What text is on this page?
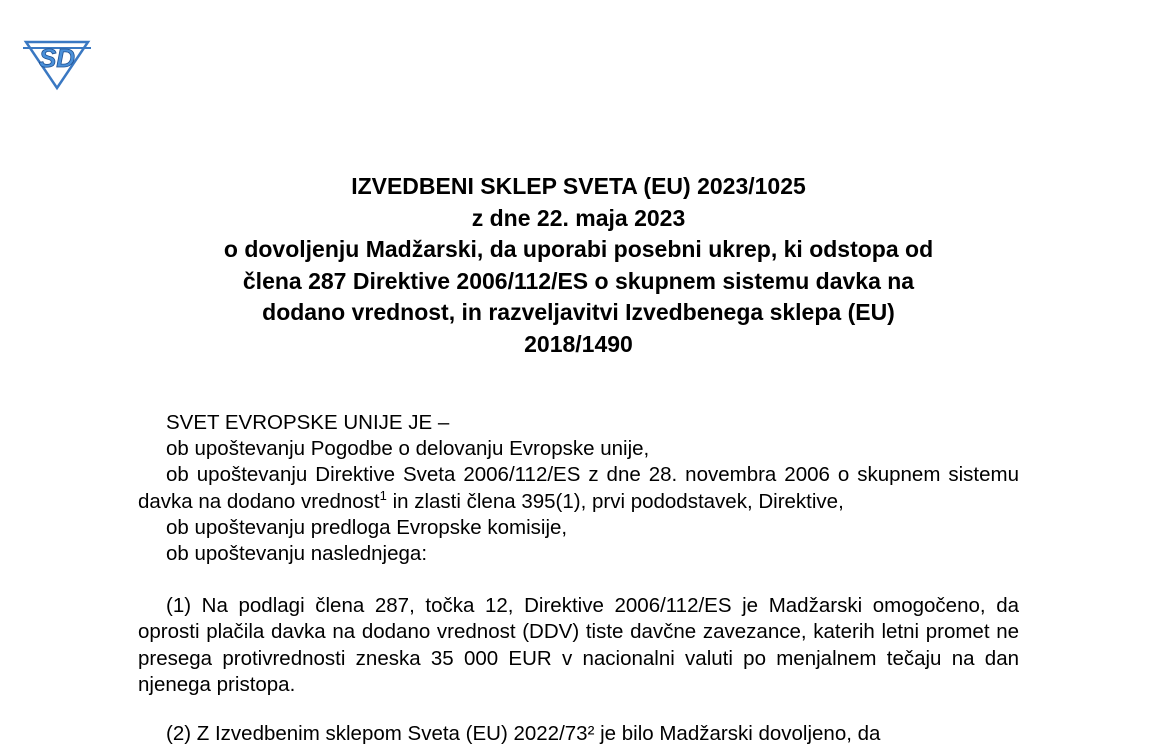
SD
IZVEDBENI SKLEP SVETA (EU) 2023/1025
z dne 22. maja 2023
o dovoljenju Madžarski, da uporabi posebni ukrep, ki odstopa od
člena 287 Direktive 2006/112/ES o skupnem sistemu davka na
dodano vrednost, in razveljavitvi Izvedbenega sklepa (EU)
2018/1490

SVET EVROPSKE UNIJE JE –

ob upoštevanju Pogodbe o delovanju Evropske unije,

ob upoštevanju Direktive Sveta 2006/112/ES z dne 28. novembra 2006 o skupnem sistemu davka na dodano vrednost$^1$ in zlasti člena 395(1), prvi pododstavek, Direktive,

ob upoštevanju predloga Evropske komisije,

ob upoštevanju naslednjega:

(1) Na podlagi člena 287, točka 12, Direktive 2006/112/ES je Madžarski omogočeno, da oprosti plačila davka na dodano vrednost (DDV) tiste davčne zavezance, katerih letni promet ne presega protivrednosti zneska 35 000 EUR v nacionalni valuti po menjalnem tečaju na dan njenega pristopa.

(2) Z Izvedbenim sklepom Sveta (EU) 2022/73² je bilo Madžarski dovoljeno, da
